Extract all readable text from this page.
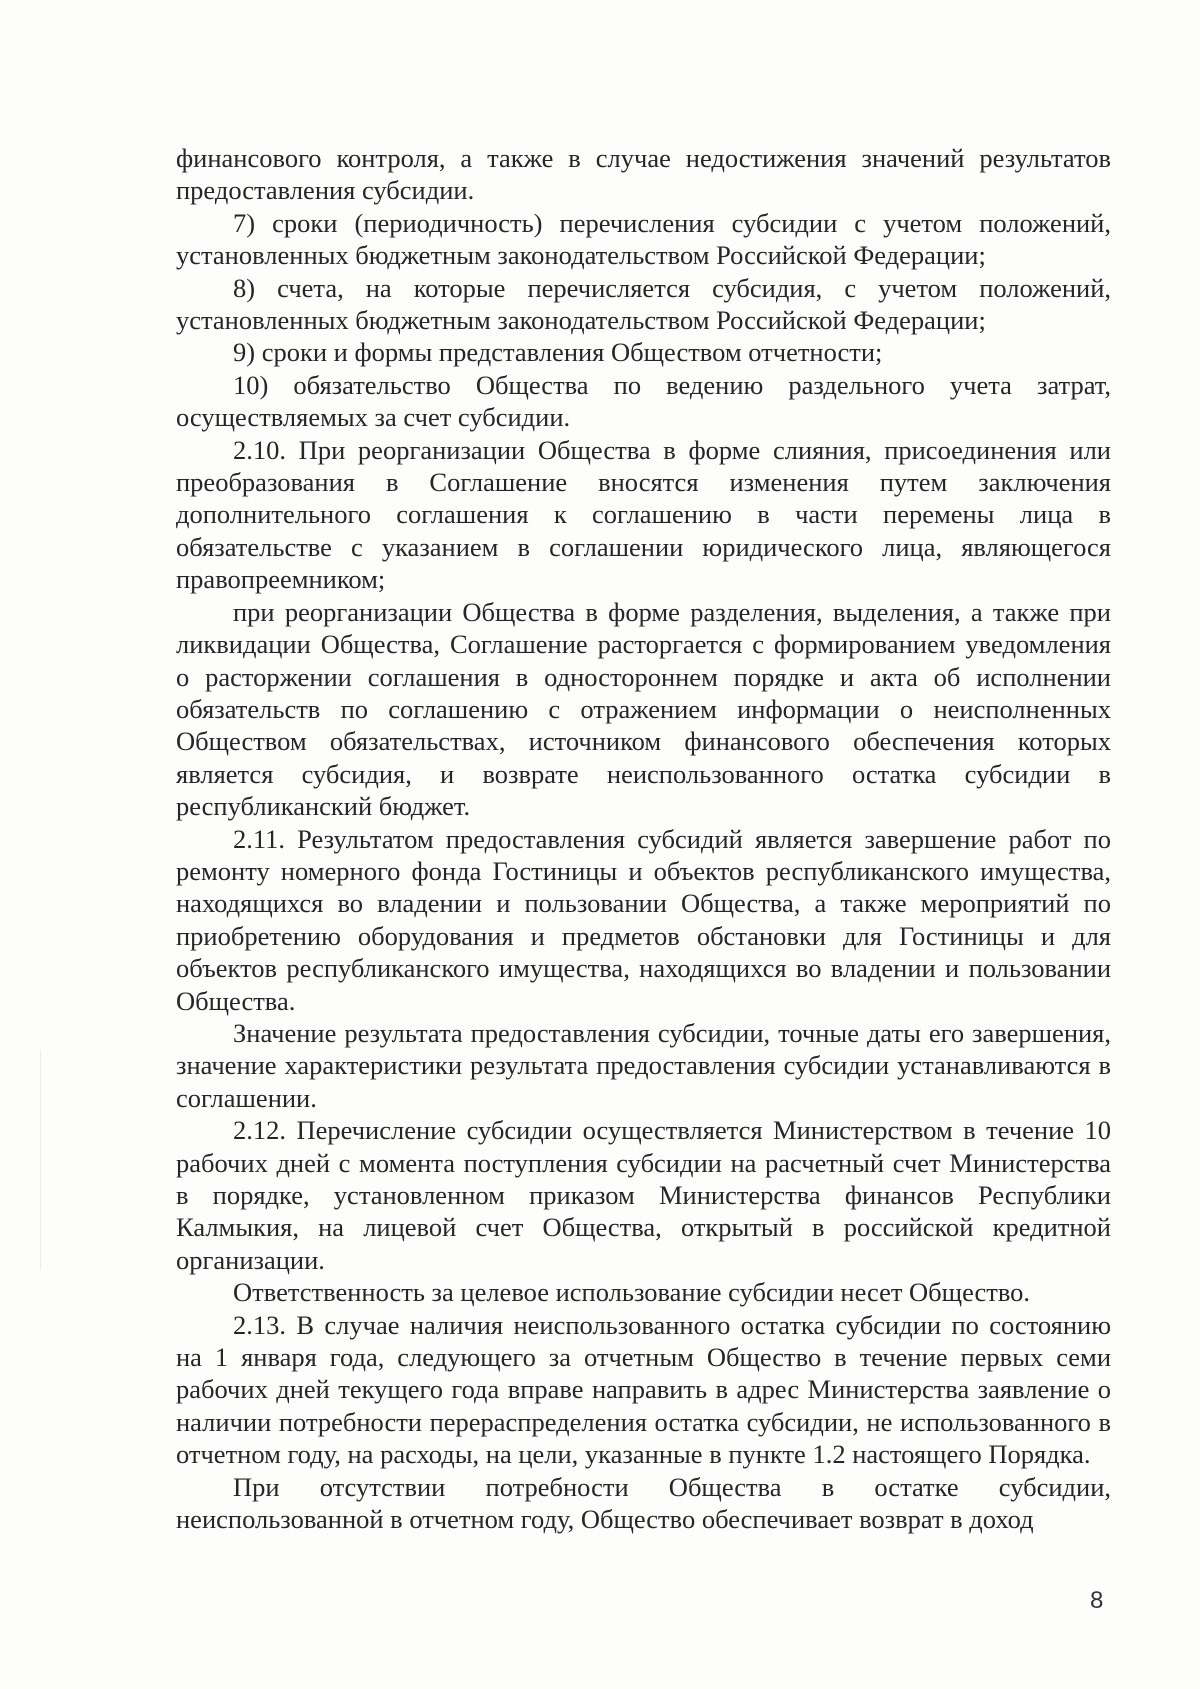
финансового контроля, а также в случае недостижения значений результатов предоставления субсидии.

7) сроки (периодичность) перечисления субсидии с учетом положений, установленных бюджетным законодательством Российской Федерации;

8) счета, на которые перечисляется субсидия, с учетом положений, установленных бюджетным законодательством Российской Федерации;

9) сроки и формы представления Обществом отчетности;

10) обязательство Общества по ведению раздельного учета затрат, осуществляемых за счет субсидии.

2.10. При реорганизации Общества в форме слияния, присоединения или преобразования в Соглашение вносятся изменения путем заключения дополнительного соглашения к соглашению в части перемены лица в обязательстве с указанием в соглашении юридического лица, являющегося правопреемником;

при реорганизации Общества в форме разделения, выделения, а также при ликвидации Общества, Соглашение расторгается с формированием уведомления о расторжении соглашения в одностороннем порядке и акта об исполнении обязательств по соглашению с отражением информации о неисполненных Обществом обязательствах, источником финансового обеспечения которых является субсидия, и возврате неиспользованного остатка субсидии в республиканский бюджет.

2.11. Результатом предоставления субсидий является завершение работ по ремонту номерного фонда Гостиницы и объектов республиканского имущества, находящихся во владении и пользовании Общества, а также мероприятий по приобретению оборудования и предметов обстановки для Гостиницы и для объектов республиканского имущества, находящихся во владении и пользовании Общества.

Значение результата предоставления субсидии, точные даты его завершения, значение характеристики результата предоставления субсидии устанавливаются в соглашении.

2.12. Перечисление субсидии осуществляется Министерством в течение 10 рабочих дней с момента поступления субсидии на расчетный счет Министерства в порядке, установленном приказом Министерства финансов Республики Калмыкия, на лицевой счет Общества, открытый в российской кредитной организации.

Ответственность за целевое использование субсидии несет Общество.

2.13. В случае наличия неиспользованного остатка субсидии по состоянию на 1 января года, следующего за отчетным Общество в течение первых семи рабочих дней текущего года вправе направить в адрес Министерства заявление о наличии потребности перераспределения остатка субсидии, не использованного в отчетном году, на расходы, на цели, указанные в пункте 1.2 настоящего Порядка.

При отсутствии потребности Общества в остатке субсидии, неиспользованной в отчетном году, Общество обеспечивает возврат в доход

8
